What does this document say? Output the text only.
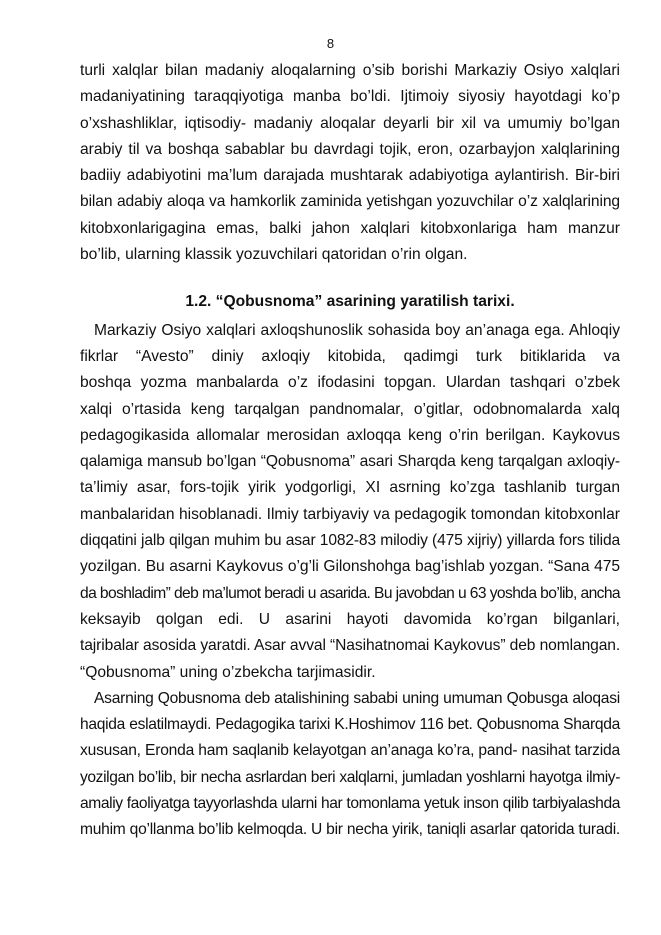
8

turli xalqlar bilan madaniy aloqalarning o’sib borishi Markaziy Osiyo xalqlari
madaniyatining taraqqiyotiga manba bo’ldi. Ijtimoiy siyosiy hayotdagi ko’p
o’xshashliklar, iqtisodiy- madaniy aloqalar deyarli bir xil va umumiy bo’lgan
arabiy til va boshqa sabablar bu davrdagi tojik, eron, ozarbayjon xalqlarining
badiiy adabiyotini ma’lum darajada mushtarak adabiyotiga aylantirish. Bir-biri
bilan adabiy aloqa va hamkorlik zaminida yetishgan yozuvchilar o’z xalqlarining
kitobxonlarigagina emas, balki jahon xalqlari kitobxonlariga ham manzur
bo’lib, ularning klassik yozuvchilari qatoridan o’rin olgan.

1.2. “Qobusnoma” asarining yaratilish tarixi.

Markaziy Osiyo xalqlari axloqshunoslik sohasida boy an’anaga ega. Ahloqiy
fikrlar “Avesto” diniy axloqiy kitobida, qadimgi turk bitiklarida va
boshqa yozma manbalarda o’z ifodasini topgan. Ulardan tashqari o’zbek
xalqi o’rtasida keng tarqalgan pandnomalar, o’gitlar, odobnomalarda xalq
pedagogikasida allomalar merosidan axloqqa keng o’rin berilgan. Kaykovus
qalamiga mansub bo’lgan “Qobusnoma” asari Sharqda keng tarqalgan axloqiy-
ta’limiy asar, fors-tojik yirik yodgorligi, XI asrning ko’zga tashlanib turgan
manbalaridan hisoblanadi. Ilmiy tarbiyaviy va pedagogik tomondan kitobxonlar
diqqatini jalb qilgan muhim bu asar 1082-83 milodiy (475 xijriy) yillarda fors tilida
yozilgan. Bu asarni Kaykovus o’g’li Gilonshohga bag’ishlab yozgan. “Sana 475
da boshladim” deb ma’lumot beradi u asarida. Bu javobdan u 63 yoshda bo’lib, ancha
keksayib qolgan edi. U asarini hayoti davomida ko’rgan bilganlari,
tajribalar asosida yaratdi. Asar avval “Nasihatnomai Kaykovus” deb nomlangan.
“Qobusnoma” uning o’zbekcha tarjimasidir.

Asarning Qobusnoma deb atalishining sababi uning umuman Qobusga aloqasi
haqida eslatilmaydi. Pedagogika tarixi K.Hoshimov 116 bet. Qobusnoma Sharqda
xususan, Eronda ham saqlanib kelayotgan an’anaga ko’ra, pand- nasihat tarzida
yozilgan bo’lib, bir necha asrlardan beri xalqlarni, jumladan yoshlarni hayotga ilmiy-
amaliy faoliyatga tayyorlashda ularni har tomonlama yetuk inson qilib tarbiyalashda
muhim qo’llanma bo’lib kelmoqda. U bir necha yirik, taniqli asarlar qatorida turadi.
